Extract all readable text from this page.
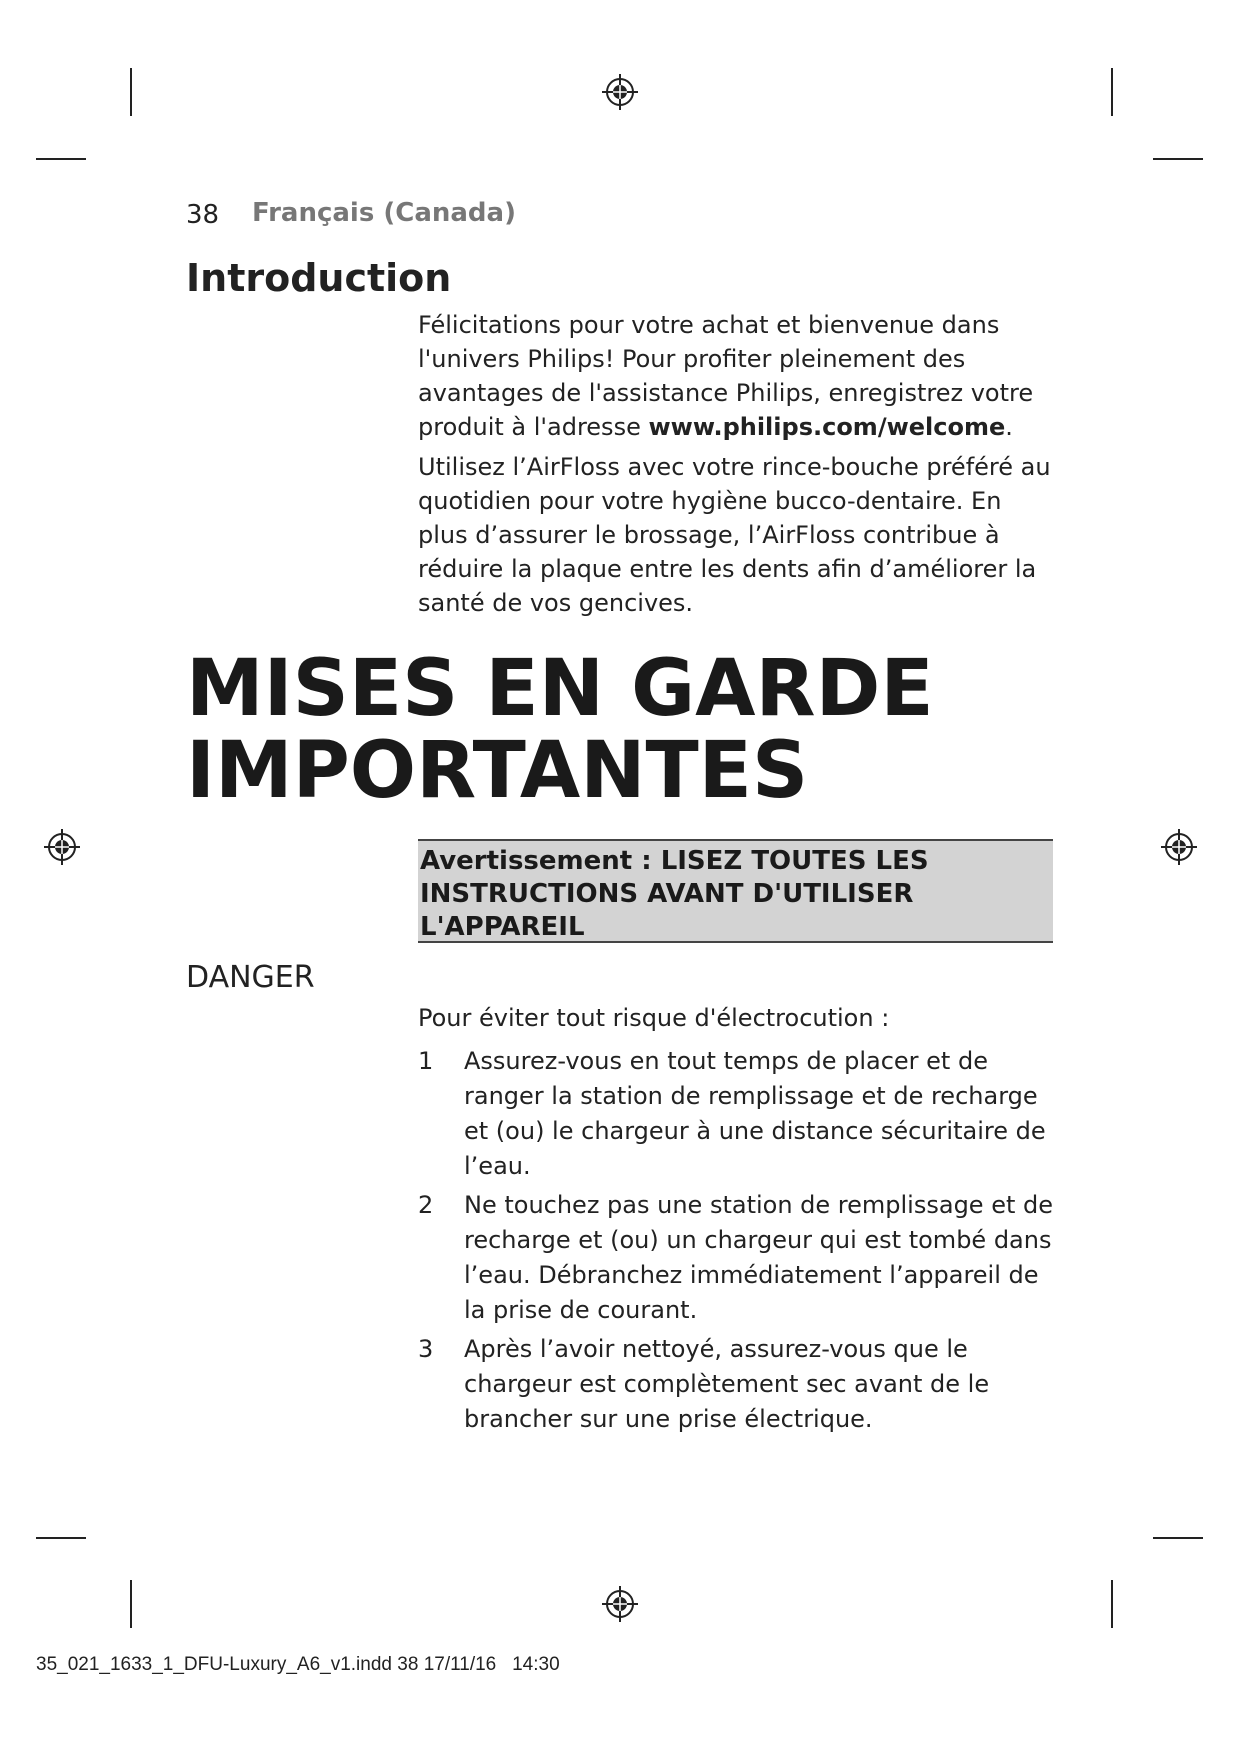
38 Français (Canada)
Introduction

Félicitations pour votre achat et bienvenue dans l'univers Philips! Pour profiter pleinement des avantages de l'assistance Philips, enregistrez votre produit à l'adresse www.philips.com/welcome.

Utilisez l’AirFloss avec votre rince-bouche préféré au quotidien pour votre hygiène bucco-dentaire. En plus d’assurer le brossage, l’AirFloss contribue à réduire la plaque entre les dents afin d’améliorer la santé de vos gencives.

MISES EN GARDE
IMPORTANTES
Avertissement : LISEZ TOUTES LES INSTRUCTIONS AVANT D'UTILISER L'APPAREIL
DANGER
Pour éviter tout risque d'électrocution :
1 Assurez-vous en tout temps de placer et de ranger la station de remplissage et de recharge et (ou) le chargeur à une distance sécuritaire de l’eau.
2 Ne touchez pas une station de remplissage et de recharge et (ou) un chargeur qui est tombé dans l’eau. Débranchez immédiatement l’appareil de la prise de courant.
3 Après l’avoir nettoyé, assurez-vous que le chargeur est complètement sec avant de le brancher sur une prise électrique.
35_021_1633_1_DFU-Luxury_A6_v1.indd 38 17/11/16 14:30
